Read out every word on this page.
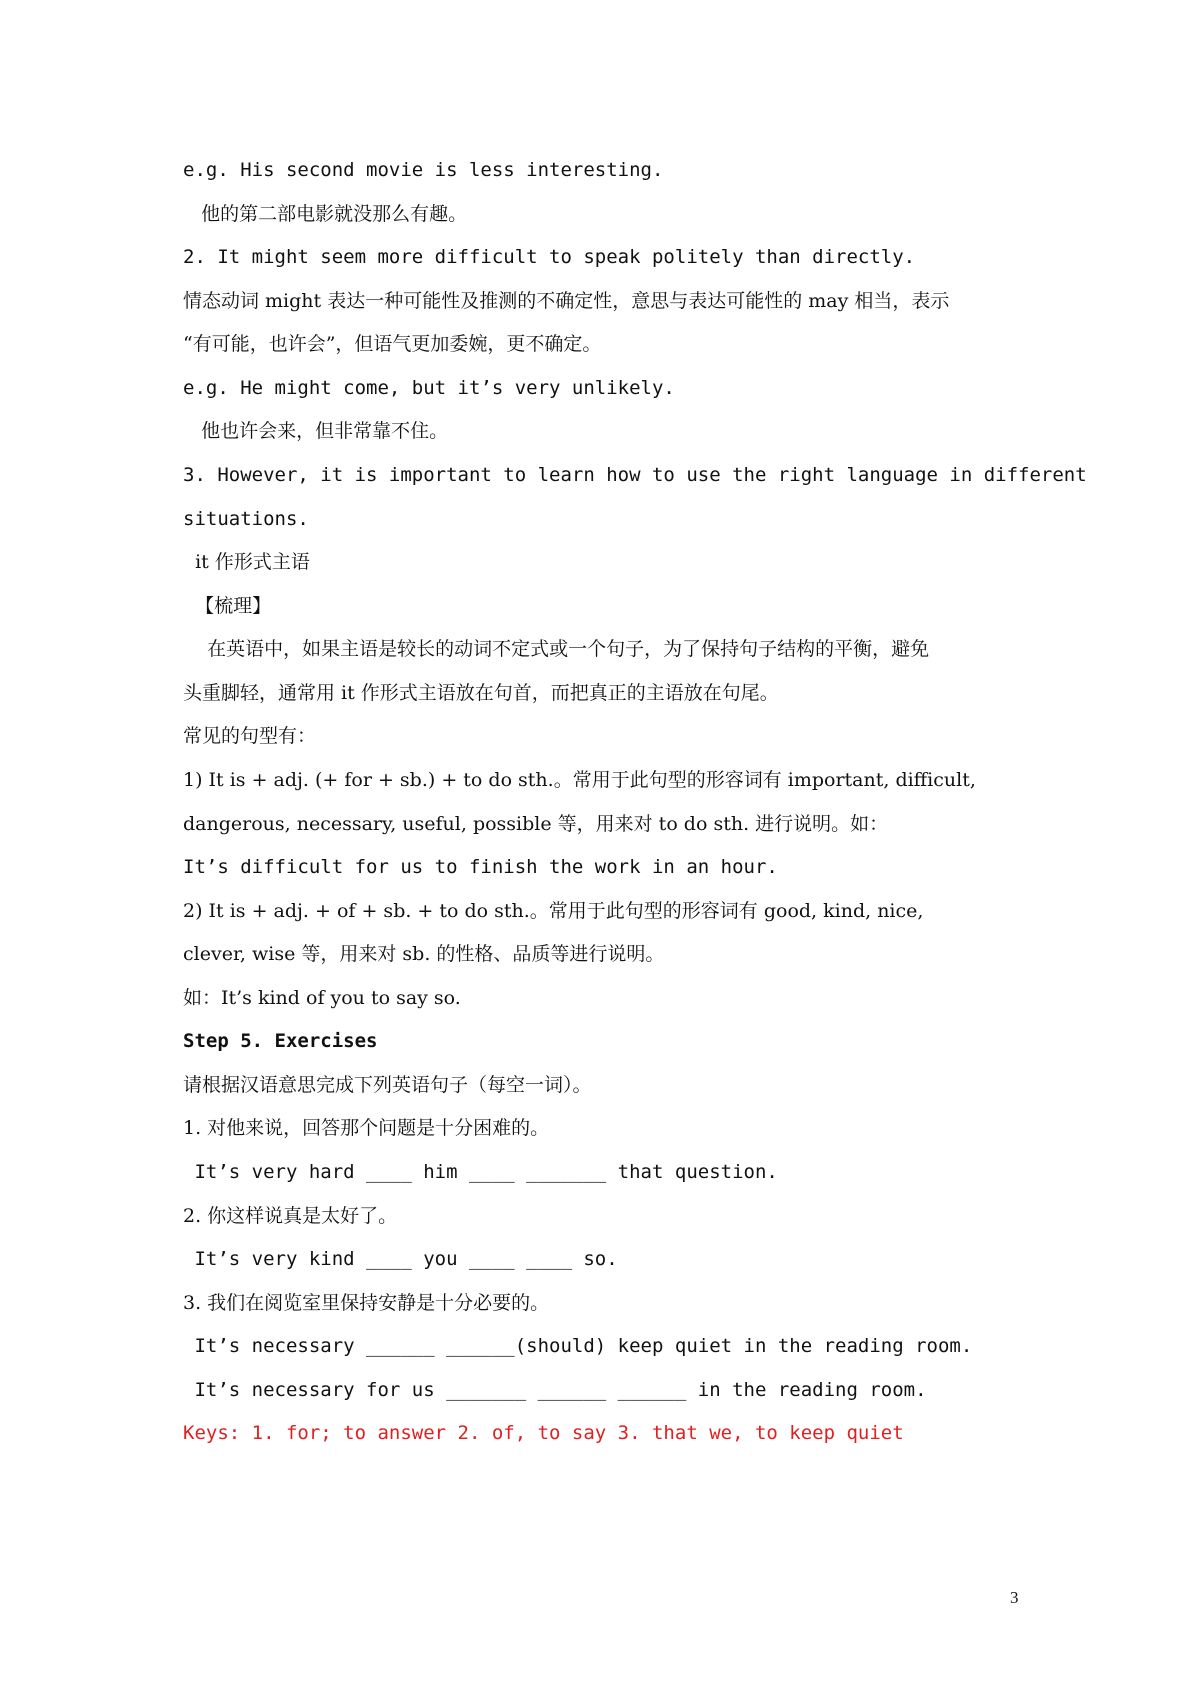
e.g. His second movie is less interesting.
他的第二部电影就没那么有趣。
2. It might seem more difficult to speak politely than directly.
情态动词 might 表达一种可能性及推测的不确定性，意思与表达可能性的 may 相当，表示
“有可能，也许会”，但语气更加委婉，更不确定。
e.g. He might come, but it’s very unlikely.
他也许会来，但非常靠不住。
3. However, it is important to learn how to use the right language in different
situations.
it 作形式主语
【梳理】
在英语中，如果主语是较长的动词不定式或一个句子，为了保持句子结构的平衡，避免
头重脚轻，通常用 it 作形式主语放在句首，而把真正的主语放在句尾。
常见的句型有：
1) It is + adj. (+ for + sb.) + to do sth.。常用于此句型的形容词有 important, difficult,
dangerous, necessary, useful, possible 等，用来对 to do sth. 进行说明。如：
It’s difficult for us to finish the work in an hour.
2) It is + adj. + of + sb. + to do sth.。常用于此句型的形容词有 good, kind, nice,
clever, wise 等，用来对 sb. 的性格、品质等进行说明。
如：It’s kind of you to say so.
Step 5. Exercises
请根据汉语意思完成下列英语句子（每空一词）。
1. 对他来说，回答那个问题是十分困难的。
It’s very hard ____ him ____ _______ that question.
2. 你这样说真是太好了。
It’s very kind ____ you ____ ____ so.
3. 我们在阅览室里保持安静是十分必要的。
It’s necessary ______ ______(should) keep quiet in the reading room.
It’s necessary for us _______ ______ ______ in the reading room.
Keys: 1. for; to answer 2. of, to say 3. that we, to keep quiet
3
